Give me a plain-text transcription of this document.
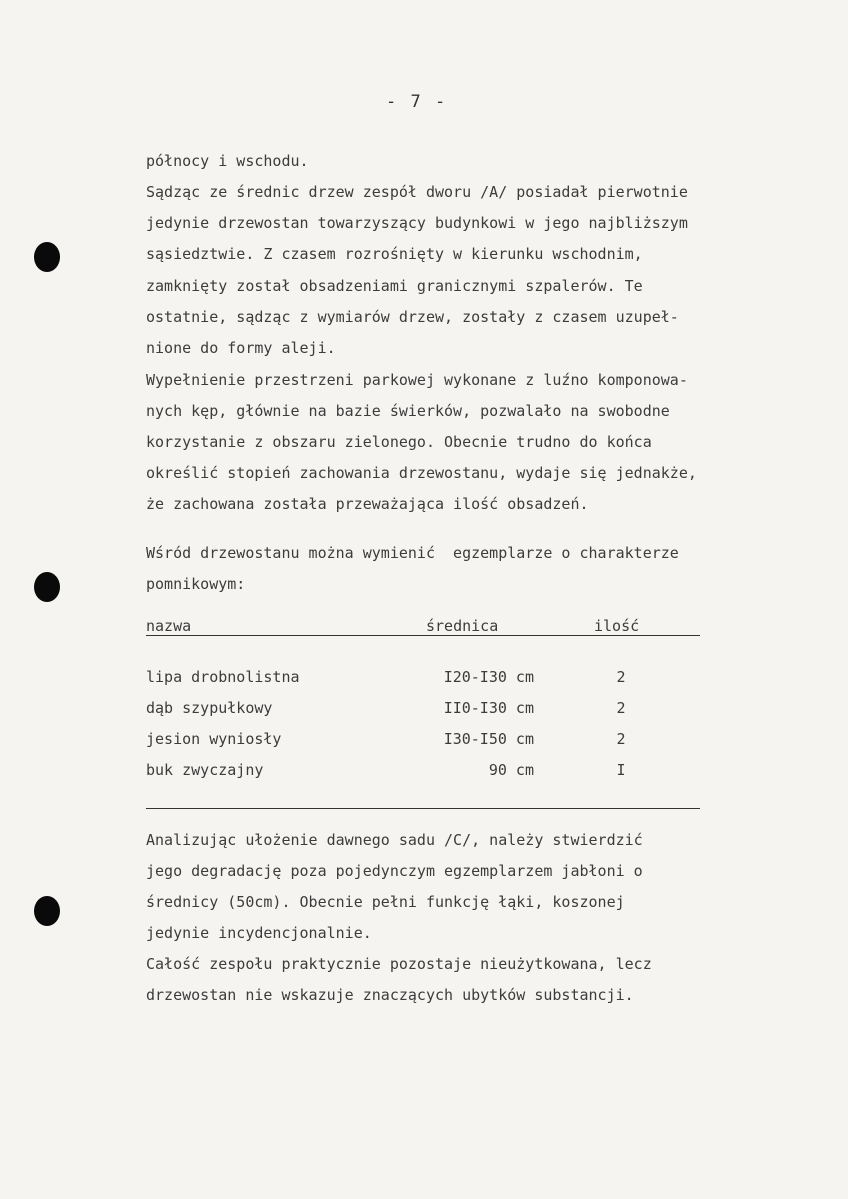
- 7 -
północy i wschodu.
Sądząc ze średnic drzew zespół dworu /A/ posiadał pierwotnie
jedynie drzewostan towarzyszący budynkowi w jego najbliższym
sąsiedztwie. Z czasem rozrośnięty w kierunku wschodnim,
zamknięty został obsadzeniami granicznymi szpalerów. Te
ostatnie, sądząc z wymiarów drzew, zostały z czasem uzupeł-
nione do formy aleji.
Wypełnienie przestrzeni parkowej wykonane z luźno komponowa-
nych kęp, głównie na bazie świerków, pozwalało na swobodne
korzystanie z obszaru zielonego. Obecnie trudno do końca
określić stopień zachowania drzewostanu, wydaje się jednakże,
że zachowana została przeważająca ilość obsadzeń.
Wśród drzewostanu można wymienić  egzemplarze o charakterze
pomnikowym:
nazwa	średnica	ilość
lipa drobnolistna	I20-I30 cm	2
dąb szypułkowy	II0-I30 cm	2
jesion wyniosły	I30-I50 cm	2
buk zwyczajny	90 cm	I
Analizując ułożenie dawnego sadu /C/, należy stwierdzić
jego degradację poza pojedynczym egzemplarzem jabłoni o
średnicy (50cm). Obecnie pełni funkcję łąki, koszonej
jedynie incydencjonalnie.
Całość zespołu praktycznie pozostaje nieużytkowana, lecz
drzewostan nie wskazuje znaczących ubytków substancji.
